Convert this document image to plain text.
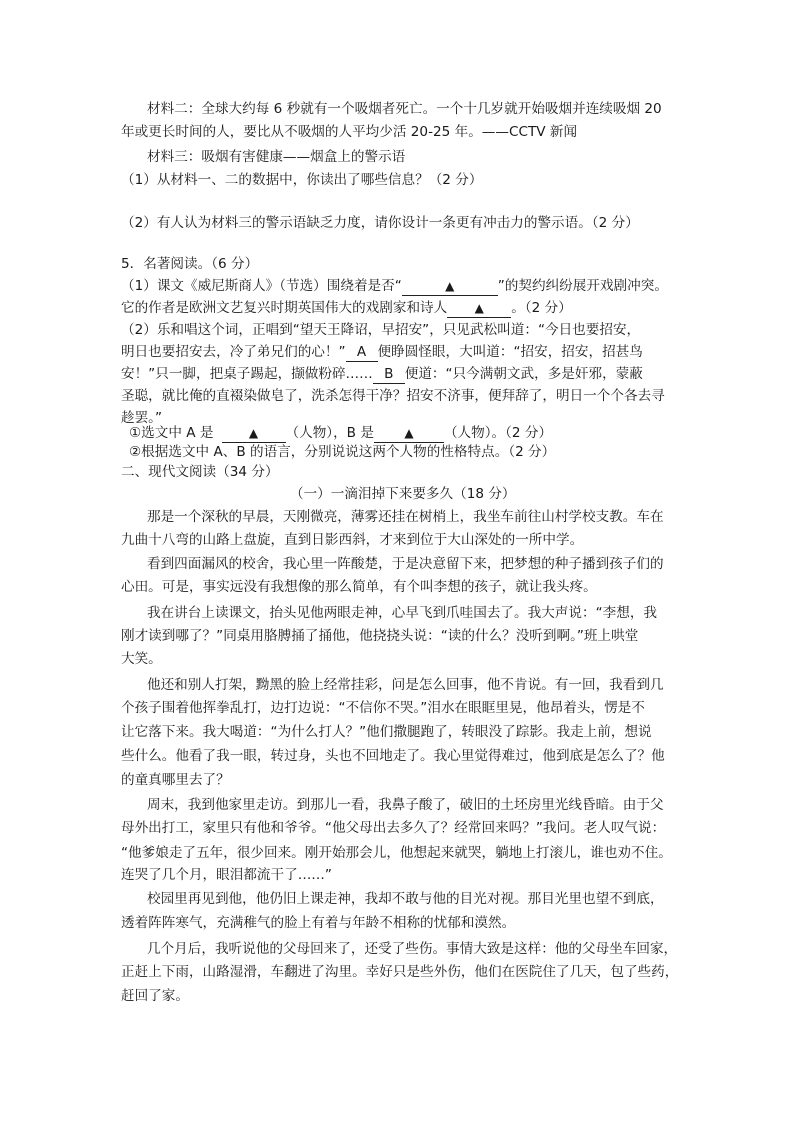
材料二：全球大约每 6 秒就有一个吸烟者死亡。一个十几岁就开始吸烟并连续吸烟 20
年或更长时间的人，要比从不吸烟的人平均少活 20-25 年。——CCTV 新闻
材料三：吸烟有害健康——烟盒上的警示语
（1）从材料一、二的数据中，你读出了哪些信息？（2 分）
（2）有人认为材料三的警示语缺乏力度，请你设计一条更有冲击力的警示语。（2 分）
5．名著阅读。（6 分）
（1）课文《威尼斯商人》（节选）围绕着是否“	▲	”的契约纠纷展开戏剧冲突。
它的作者是欧洲文艺复兴时期英国伟大的戏剧家和诗人 ▲ 。（2 分）
（2）乐和唱这个词，正唱到“望天王降诏，早招安”，只见武松叫道：“今日也要招安，
明日也要招安去，冷了弟兄们的心！” A 便睁圆怪眼，大叫道：“招安，招安，招甚鸟
安！”只一脚，把桌子踢起，撷做粉碎…… B 便道：“只今满朝文武，多是奸邪，蒙蔽
圣聪，就比俺的直裰染做皂了，洗杀怎得干净？招安不济事，便拜辞了，明日一个个各去寻
趁罢。”
①选文中 A 是	▲ （人物），B 是	▲ （人物）。（2 分）
②根据选文中 A、B 的语言，分别说说这两个人物的性格特点。（2 分）
二、现代文阅读（34 分）
（一）一滴泪掉下来要多久（18 分）
那是一个深秋的早晨，天刚微亮，薄雾还挂在树梢上，我坐车前往山村学校支教。车在
九曲十八弯的山路上盘旋，直到日影西斜，才来到位于大山深处的一所中学。
看到四面漏风的校舍，我心里一阵酸楚，于是决意留下来，把梦想的种子播到孩子们的
心田。可是，事实远没有我想像的那么简单，有个叫李想的孩子，就让我头疼。
我在讲台上读课文，抬头见他两眼走神，心早飞到爪哇国去了。我大声说：“李想，我
刚才读到哪了？”同桌用胳膊捅了捅他，他挠挠头说：“读的什么？没听到啊。”班上哄堂
大笑。
他还和别人打架，黝黑的脸上经常挂彩，问是怎么回事，他不肯说。有一回，我看到几
个孩子围着他挥拳乱打，边打边说：“不信你不哭。”泪水在眼眶里晃，他昂着头，愣是不
让它落下来。我大喝道：“为什么打人？”他们撒腿跑了，转眼没了踪影。我走上前，想说
些什么。他看了我一眼，转过身，头也不回地走了。我心里觉得难过，他到底是怎么了？他
的童真哪里去了？
周末，我到他家里走访。到那儿一看，我鼻子酸了，破旧的土坯房里光线昏暗。由于父
母外出打工，家里只有他和爷爷。“他父母出去多久了？经常回来吗？”我问。老人叹气说：
“他爹娘走了五年，很少回来。刚开始那会儿，他想起来就哭，躺地上打滚儿，谁也劝不住。
连哭了几个月，眼泪都流干了……”
校园里再见到他，他仍旧上课走神，我却不敢与他的目光对视。那目光里也望不到底，
透着阵阵寒气，充满稚气的脸上有着与年龄不相称的忧郁和漠然。
几个月后，我听说他的父母回来了，还受了些伤。事情大致是这样：他的父母坐车回家，
正赶上下雨，山路湿滑，车翻进了沟里。幸好只是些外伤，他们在医院住了几天，包了些药，
赶回了家。
